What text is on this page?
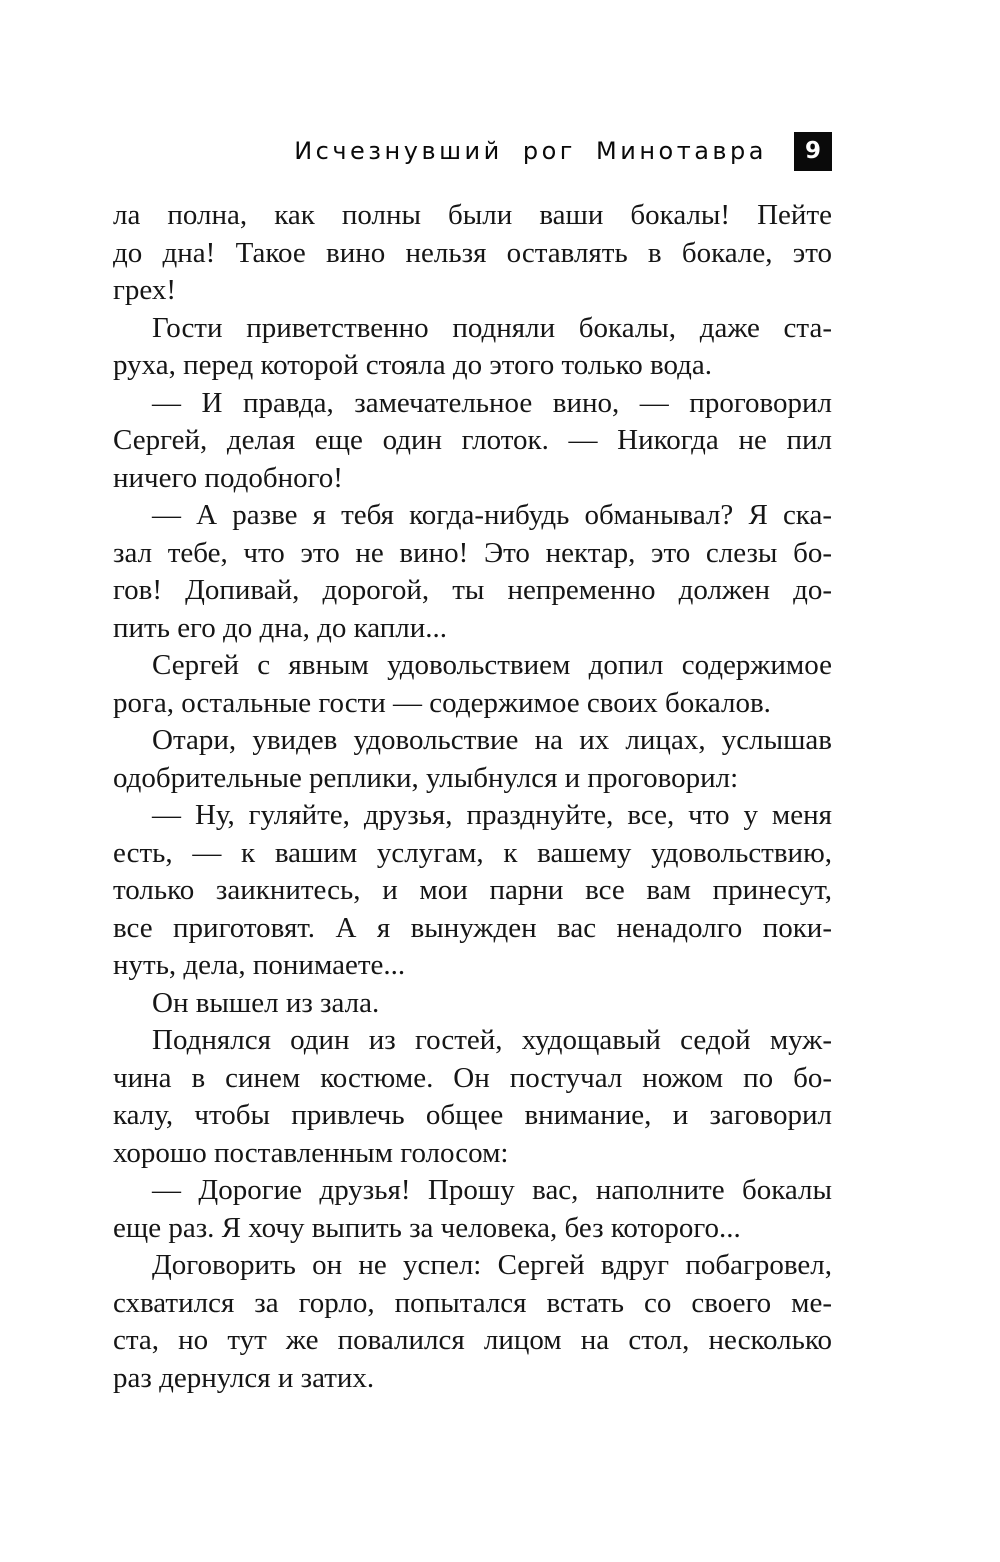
Исчезнувший рог Минотавра	9
ла полна, как полны были ваши бокалы! Пейте
до дна! Такое вино нельзя оставлять в бокале, это
грех!
Гости приветственно подняли бокалы, даже ста-
руха, перед которой стояла до этого только вода.
— И правда, замечательное вино, — проговорил
Сергей, делая еще один глоток. — Никогда не пил
ничего подобного!
— А разве я тебя когда-нибудь обманывал? Я ска-
зал тебе, что это не вино! Это нектар, это слезы бо-
гов! Допивай, дорогой, ты непременно должен до-
пить его до дна, до капли...
Сергей с явным удовольствием допил содержимое
рога, остальные гости — содержимое своих бокалов.
Отари, увидев удовольствие на их лицах, услышав
одобрительные реплики, улыбнулся и проговорил:
— Ну, гуляйте, друзья, празднуйте, все, что у меня
есть, — к вашим услугам, к вашему удовольствию,
только заикнитесь, и мои парни все вам принесут,
все приготовят. А я вынужден вас ненадолго поки-
нуть, дела, понимаете...
Он вышел из зала.
Поднялся один из гостей, худощавый седой муж-
чина в синем костюме. Он постучал ножом по бо-
калу, чтобы привлечь общее внимание, и заговорил
хорошо поставленным голосом:
— Дорогие друзья! Прошу вас, наполните бокалы
еще раз. Я хочу выпить за человека, без которого...
Договорить он не успел: Сергей вдруг побагровел,
схватился за горло, попытался встать со своего ме-
ста, но тут же повалился лицом на стол, несколько
раз дернулся и затих.
